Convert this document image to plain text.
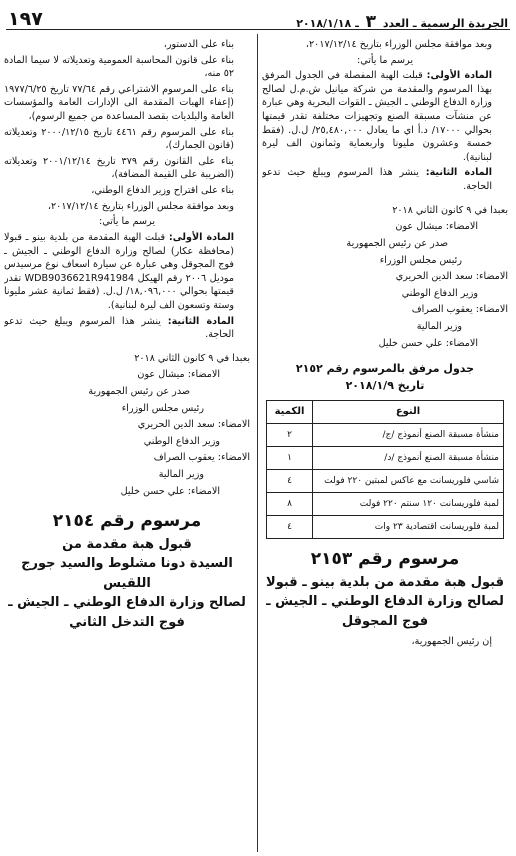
الجريدة الرسمية ـ العدد ٣ ـ ٢٠١٨/١/١٨
١٩٧

وبعد موافقة مجلس الوزراء بتاريخ ٢٠١٧/١٢/١٤،

يرسم ما يأتي:

المادة الأولى: قبلت الهبة المفصلة في الجدول المرفق بهذا المرسوم والمقدمة من شركة ميانيل ش.م.ل لصالح وزارة الدفاع الوطني ـ الجيش ـ القوات البحرية وهي عبارة عن منشآت مسبقة الصنع وتجهيزات مختلفة تقدر قيمتها بحوالي ١٧٠٠٠/ د.أ اي ما يعادل ٢٥,٤٨٠,٠٠٠/ ل.ل. (فقط خمسة وعشرون مليونا واربعماية وثمانون الف ليرة لبنانية).

المادة الثانية: ينشر هذا المرسوم ويبلغ حيث تدعو الحاجة.

بعبدا في ٩ كانون الثاني ٢٠١٨

الامضاء: ميشال عون

صدر عن رئيس الجمهورية

رئيس مجلس الوزراء

الامضاء: سعد الدين الحريري

وزير الدفاع الوطني

الامضاء: يعقوب الصراف

وزير المالية

الامضاء: علي حسن خليل

جدول مرفق بالمرسوم رقم ٢١٥٢
تاريخ ٢٠١٨/١/٩

النوع	الكمية
منشأة مسبقة الصنع أنموذج /ج/	٢
منشأة مسبقة الصنع أنموذج /د/	١
شاسي فلوريسانت مع عاكس لمبتين ٢٢٠ فولت	٤
لمبة فلوريسانت ١٢٠ سنتم ٢٢٠ فولت	٨
لمبة فلوريسانت اقتصادية ٢٣ وات	٤
مرسوم رقم ٢١٥٣
قبول هبة مقدمة من بلدية بينو ـ قبولا
لصالح وزارة الدفاع الوطني ـ الجيش ـ
فوج المجوقل

إن رئيس الجمهورية،

بناء على الدستور،

بناء على قانون المحاسبة العمومية وتعديلاته لا سيما المادة ٥٢ منه،

بناء على المرسوم الاشتراعي رقم ٧٧/٦٤ تاريخ ١٩٧٧/٦/٢٥ (إعفاء الهبات المقدمة الى الإدارات العامة والمؤسسات العامة والبلديات بقصد المساعدة من جميع الرسوم)،

بناء على المرسوم رقم ٤٤٦١ تاريخ ٢٠٠٠/١٢/١٥ وتعديلاته (قانون الجمارك)،

بناء على القانون رقم ٣٧٩ تاريخ ٢٠٠١/١٢/١٤ وتعديلاته (الضريبة على القيمة المضافة)،

بناء على اقتراح وزير الدفاع الوطني،

وبعد موافقة مجلس الوزراء بتاريخ ٢٠١٧/١٢/١٤،

يرسم ما يأتي:

المادة الأولى: قبلت الهبة المقدمة من بلدية بينو ـ قبولا (محافظة عكار) لصالح وزارة الدفاع الوطني ـ الجيش ـ فوج المجوقل وهي عبارة عن سيارة اسعاف نوع مرسيدس موديل ٢٠٠٦ رقم الهيكل WDB9036621R941984 تقدر قيمتها بحوالي ١٨,٠٩٦,٠٠٠/ ل.ل. (فقط ثمانية عشر مليونا وستة وتسعون الف ليرة لبنانية).

المادة الثانية: ينشر هذا المرسوم ويبلغ حيث تدعو الحاجة.

بعبدا في ٩ كانون الثاني ٢٠١٨

الامضاء: ميشال عون

صدر عن رئيس الجمهورية

رئيس مجلس الوزراء

الامضاء: سعد الدين الحريري

وزير الدفاع الوطني

الامضاء: يعقوب الصراف

وزير المالية

الامضاء: علي حسن خليل

مرسوم رقم ٢١٥٤
قبول هبة مقدمة من
السيدة دونا مشلوط والسيد جورج اللقيس
لصالح وزارة الدفاع الوطني ـ الجيش ـ
فوج التدخل الثاني
